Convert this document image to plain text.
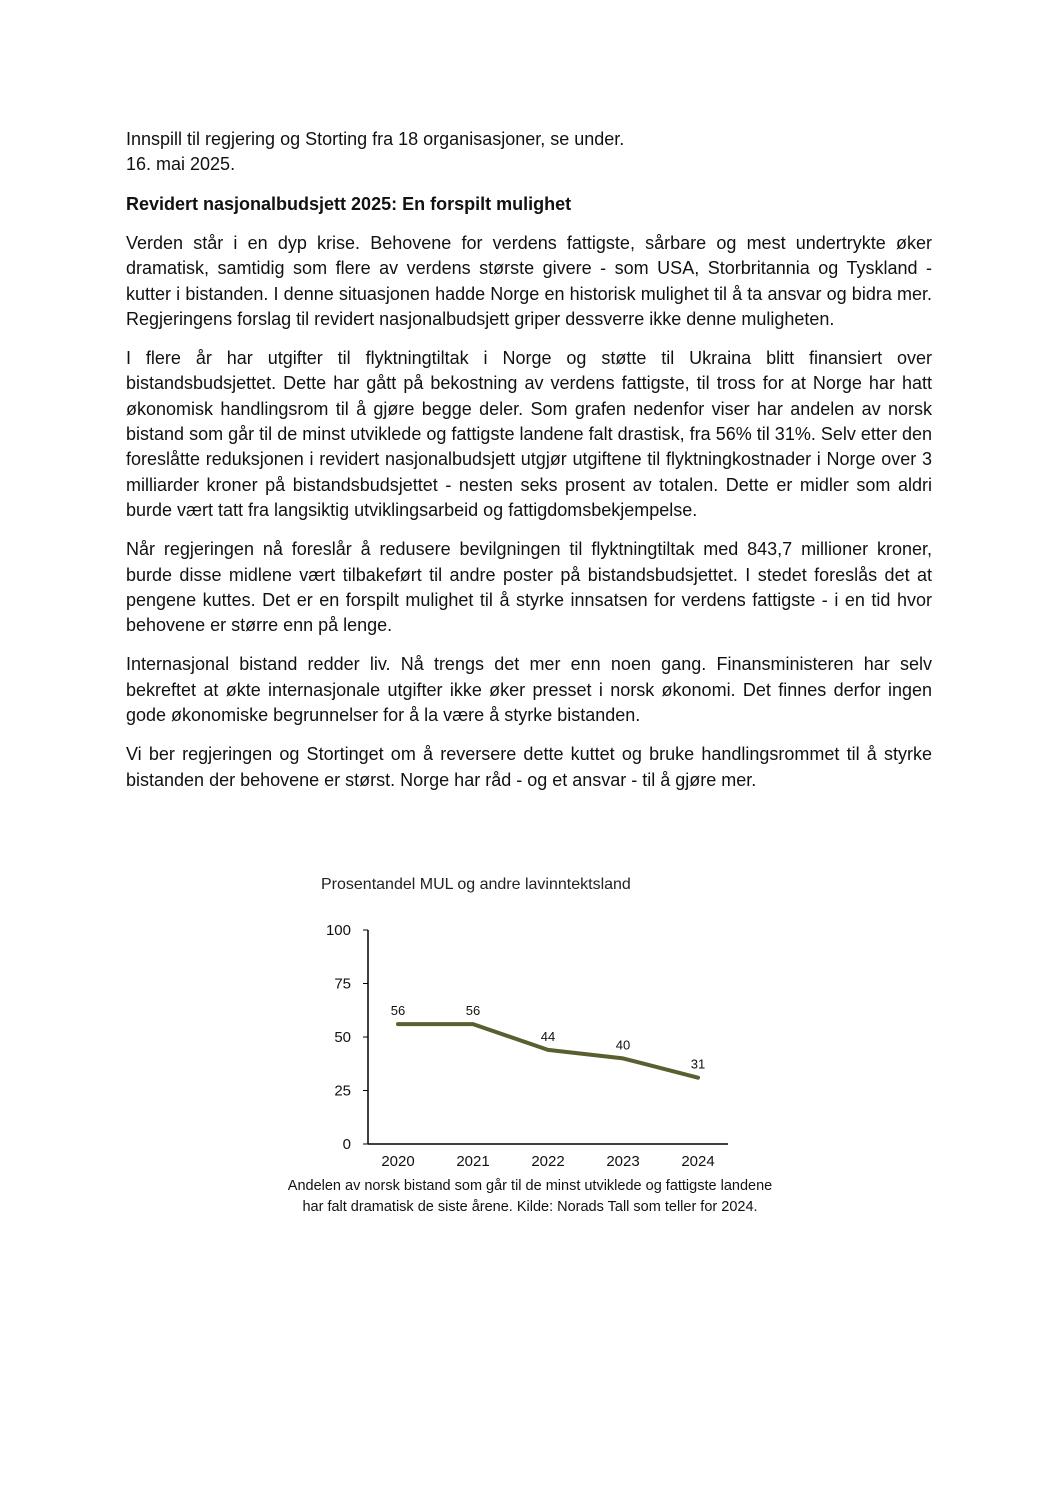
Innspill til regjering og Storting fra 18 organisasjoner, se under.

16. mai 2025.

Revidert nasjonalbudsjett 2025: En forspilt mulighet

Verden står i en dyp krise. Behovene for verdens fattigste, sårbare og mest undertrykte øker dramatisk, samtidig som flere av verdens største givere - som USA, Storbritannia og Tyskland - kutter i bistanden. I denne situasjonen hadde Norge en historisk mulighet til å ta ansvar og bidra mer. Regjeringens forslag til revidert nasjonalbudsjett griper dessverre ikke denne muligheten.

I flere år har utgifter til flyktningtiltak i Norge og støtte til Ukraina blitt finansiert over bistandsbudsjettet. Dette har gått på bekostning av verdens fattigste, til tross for at Norge har hatt økonomisk handlingsrom til å gjøre begge deler. Som grafen nedenfor viser har andelen av norsk bistand som går til de minst utviklede og fattigste landene falt drastisk, fra 56% til 31%. Selv etter den foreslåtte reduksjonen i revidert nasjonalbudsjett utgjør utgiftene til flyktningkostnader i Norge over 3 milliarder kroner på bistandsbudsjettet - nesten seks prosent av totalen. Dette er midler som aldri burde vært tatt fra langsiktig utviklingsarbeid og fattigdomsbekjempelse.

Når regjeringen nå foreslår å redusere bevilgningen til flyktningtiltak med 843,7 millioner kroner, burde disse midlene vært tilbakeført til andre poster på bistandsbudsjettet. I stedet foreslås det at pengene kuttes. Det er en forspilt mulighet til å styrke innsatsen for verdens fattigste - i en tid hvor behovene er større enn på lenge.

Internasjonal bistand redder liv. Nå trengs det mer enn noen gang. Finansministeren har selv bekreftet at økte internasjonale utgifter ikke øker presset i norsk økonomi. Det finnes derfor ingen gode økonomiske begrunnelser for å la være å styrke bistanden.

Vi ber regjeringen og Stortinget om å reversere dette kuttet og bruke handlingsrommet til å styrke bistanden der behovene er størst. Norge har råd - og et ansvar - til å gjøre mer.

Prosentandel MUL og andre lavinntektsland
0
25
50
75
100
2020	2021	2022	2023	2024
56	56
44
40
31
Andelen av norsk bistand som går til de minst utviklede og fattigste landene
har falt dramatisk de siste årene. Kilde: Norads Tall som teller for 2024.
